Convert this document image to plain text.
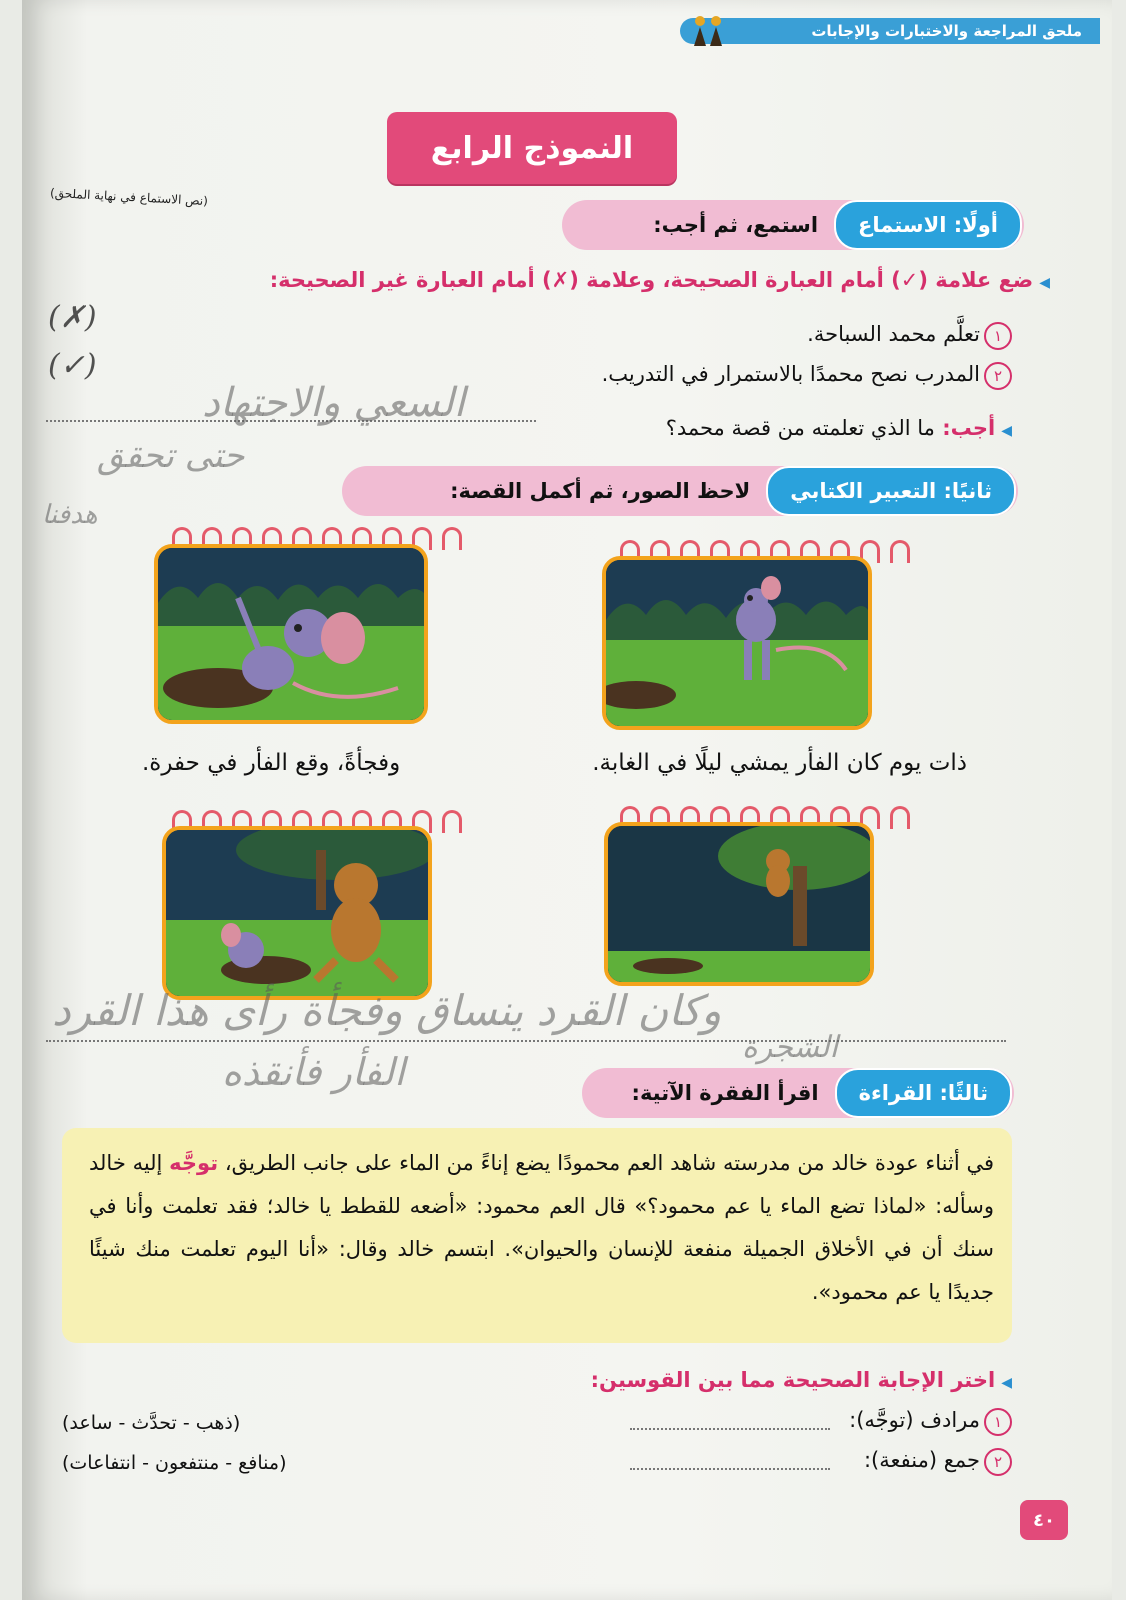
ملحق المراجعة والاختبارات والإجابات
النموذج الرابع
(نص الاستماع في نهاية الملحق)
أولًا: الاستماع
استمع، ثم أجب:
◀ضع علامة (✓) أمام العبارة الصحيحة، وعلامة (✗) أمام العبارة غير الصحيحة:
١تعلَّم محمد السباحة.
٢المدرب نصح محمدًا بالاستمرار في التدريب.
(✗)
(✓)
◀أجب: ما الذي تعلمته من قصة محمد؟
السعي والاجتهاد
حتى تحقق
هدفنا
ثانيًا: التعبير الكتابي
لاحظ الصور، ثم أكمل القصة:
ذات يوم كان الفأر يمشي ليلًا في الغابة.
وفجأةً، وقع الفأر في حفرة.
وكان القرد ينساق وفجأة رأى هذا القرد
الشجرة
الفأر فأنقذه	ثالثًا: القراءة
اقرأ الفقرة الآتية:
في أثناء عودة خالد من مدرسته شاهد العم محمودًا يضع إناءً من الماء على جانب الطريق، توجَّه إليه خالد وسأله: «لماذا تضع الماء يا عم محمود؟» قال العم محمود: «أضعه للقطط يا خالد؛ فقد تعلمت وأنا في سنك أن في الأخلاق الجميلة منفعة للإنسان والحيوان». ابتسم خالد وقال: «أنا اليوم تعلمت منك شيئًا جديدًا يا عم محمود».
◀اختر الإجابة الصحيحة مما بين القوسين:
١مرادف (توجَّه):
(ذهب - تحدَّث - ساعد)
٢جمع (منفعة):
(منافع - منتفعون - انتفاعات)
٤٠
